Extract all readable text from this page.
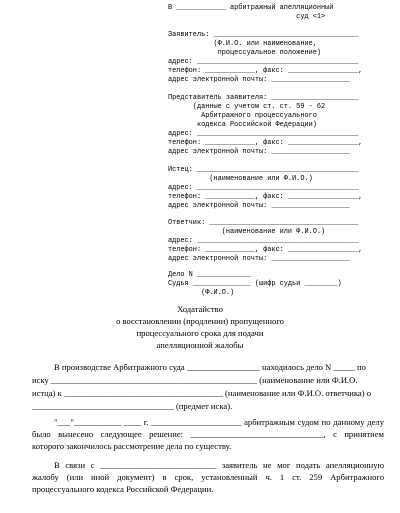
В ____________ арбитражный апелляционный
суд <1>
Заявитель: ___________________________________
(Ф.И.О. или наименование,
процессуальное положение)
адрес: _______________________________________
телефон: ____________, факс: _________________,
адрес электронной почты: ___________________
Представитель заявителя: _____________________
(данные с учетом ст. ст. 59 - 62
Арбитражного процессуального
кодекса Российской Федерации)
адрес: _______________________________________
телефон: ____________, факс: _________________,
адрес электронной почты: ___________________
Истец: _______________________________________
(наименование или Ф.И.О.)
адрес: _______________________________________
телефон: ____________, факс: _________________,
адрес электронной почты: ___________________
Ответчик: ____________________________________
(наименование или Ф.И.О.)
адрес: _______________________________________
телефон: ____________, факс: _________________,
адрес электронной почты: ___________________
Дело N _____________
Судья ______________ (шифр судьи ________)
(Ф.И.О.)
Ходатайство
о восстановлении (продлении) пропущенного
процессуального срока для подачи
апелляционной жалобы
В производстве Арбитражного суда _________________ находилось дело N _____ по
иску ________________________________________________ (наименование или Ф.И.О.
истца) к _____________________________________ (наименование или Ф.И.О. ответчика) о
_________________________________ (предмет иска).
"___"___________ ____ г. _____________________ арбитражным судом по данному делу было вынесено следующее решение: _______________________________, с принятием которого закончилось рассмотрение дела по существу.
В связи с ___________________________ заявитель не мог подать апелляционную жалобу (или иной документ) в срок, установленный ч. 1 ст. 259 Арбитражного процессуального кодекса Российской Федерации.
